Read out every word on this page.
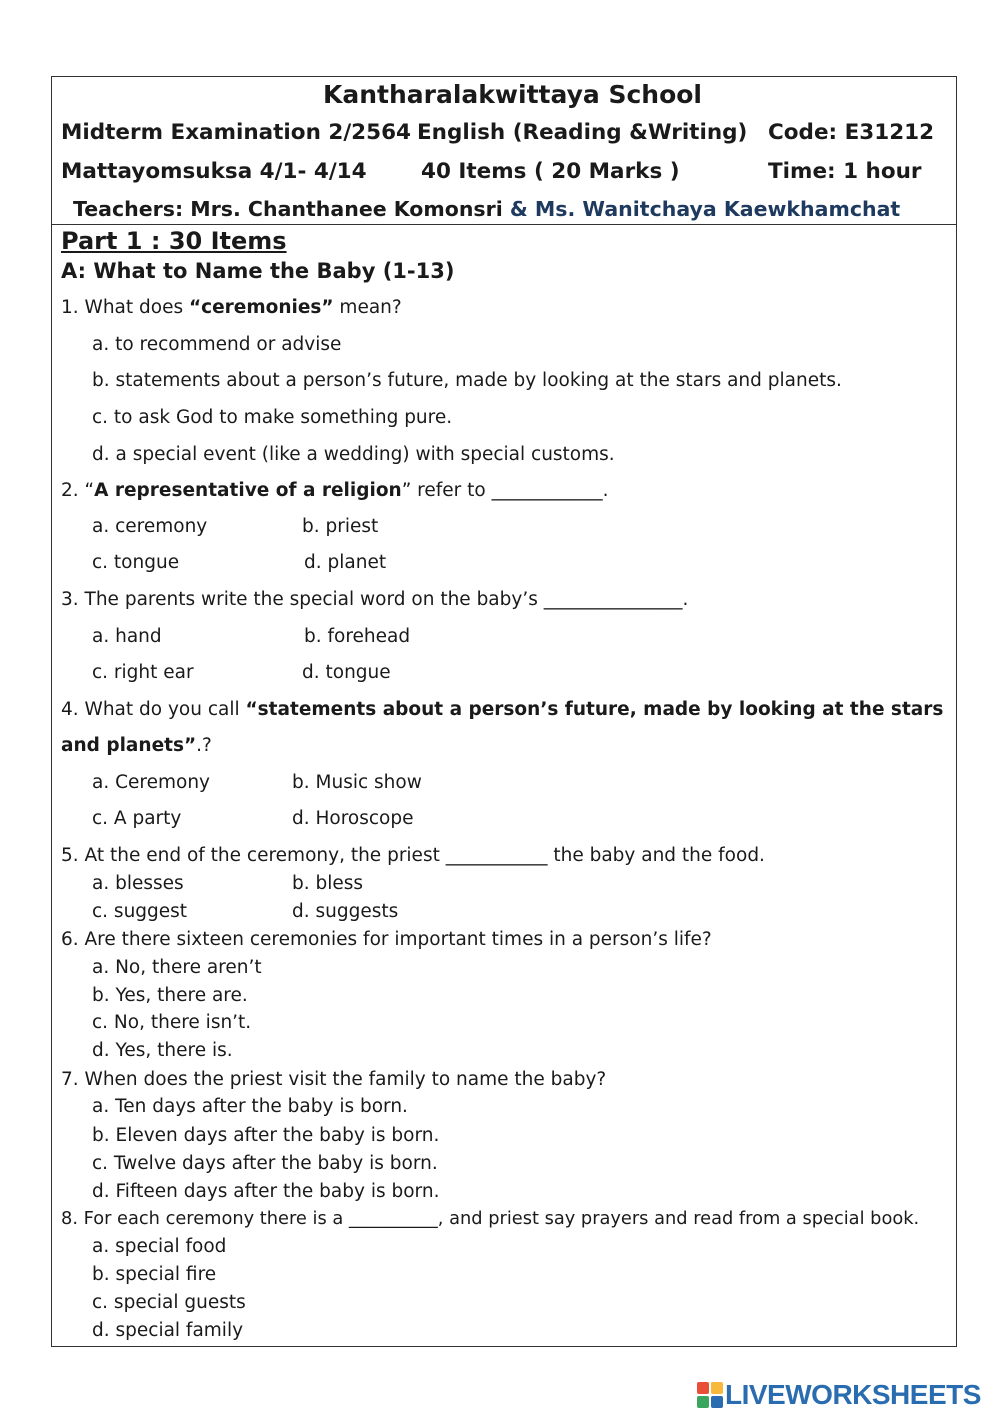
Kantharalakwittaya School
Midterm Examination 2/2564 English (Reading &Writing) Code: E31212
Mattayomsuksa 4/1- 4/14	40 Items ( 20 Marks )	Time: 1 hour
Teachers: Mrs. Chanthanee Komonsri & Ms. Wanitchaya Kaewkhamchat
Part 1 : 30 Items
A: What to Name the Baby (1-13)
1. What does “ceremonies” mean?
a. to recommend or advise
b. statements about a person’s future, made by looking at the stars and planets.
c. to ask God to make something pure.
d. a special event (like a wedding) with special customs.
2. “A representative of a religion” refer to ____________.
a. ceremony	b. priest
c. tongue	d. planet
3. The parents write the special word on the baby’s _______________.
a. hand	b. forehead
c. right ear	d. tongue
4. What do you call “statements about a person’s future, made by looking at the stars
and planets”.?
a. Ceremony	b. Music show
c. A party	d. Horoscope
5. At the end of the ceremony, the priest ___________ the baby and the food.
a. blesses	b. bless
c. suggest	d. suggests
6. Are there sixteen ceremonies for important times in a person’s life?
a. No, there aren’t
b. Yes, there are.
c. No, there isn’t.
d. Yes, there is.
7. When does the priest visit the family to name the baby?
a. Ten days after the baby is born.
b. Eleven days after the baby is born.
c. Twelve days after the baby is born.
d. Fifteen days after the baby is born.
8. For each ceremony there is a __________, and priest say prayers and read from a special book.
a. special food
b. special fire
c. special guests
d. special family
LIVEWORKSHEETS
